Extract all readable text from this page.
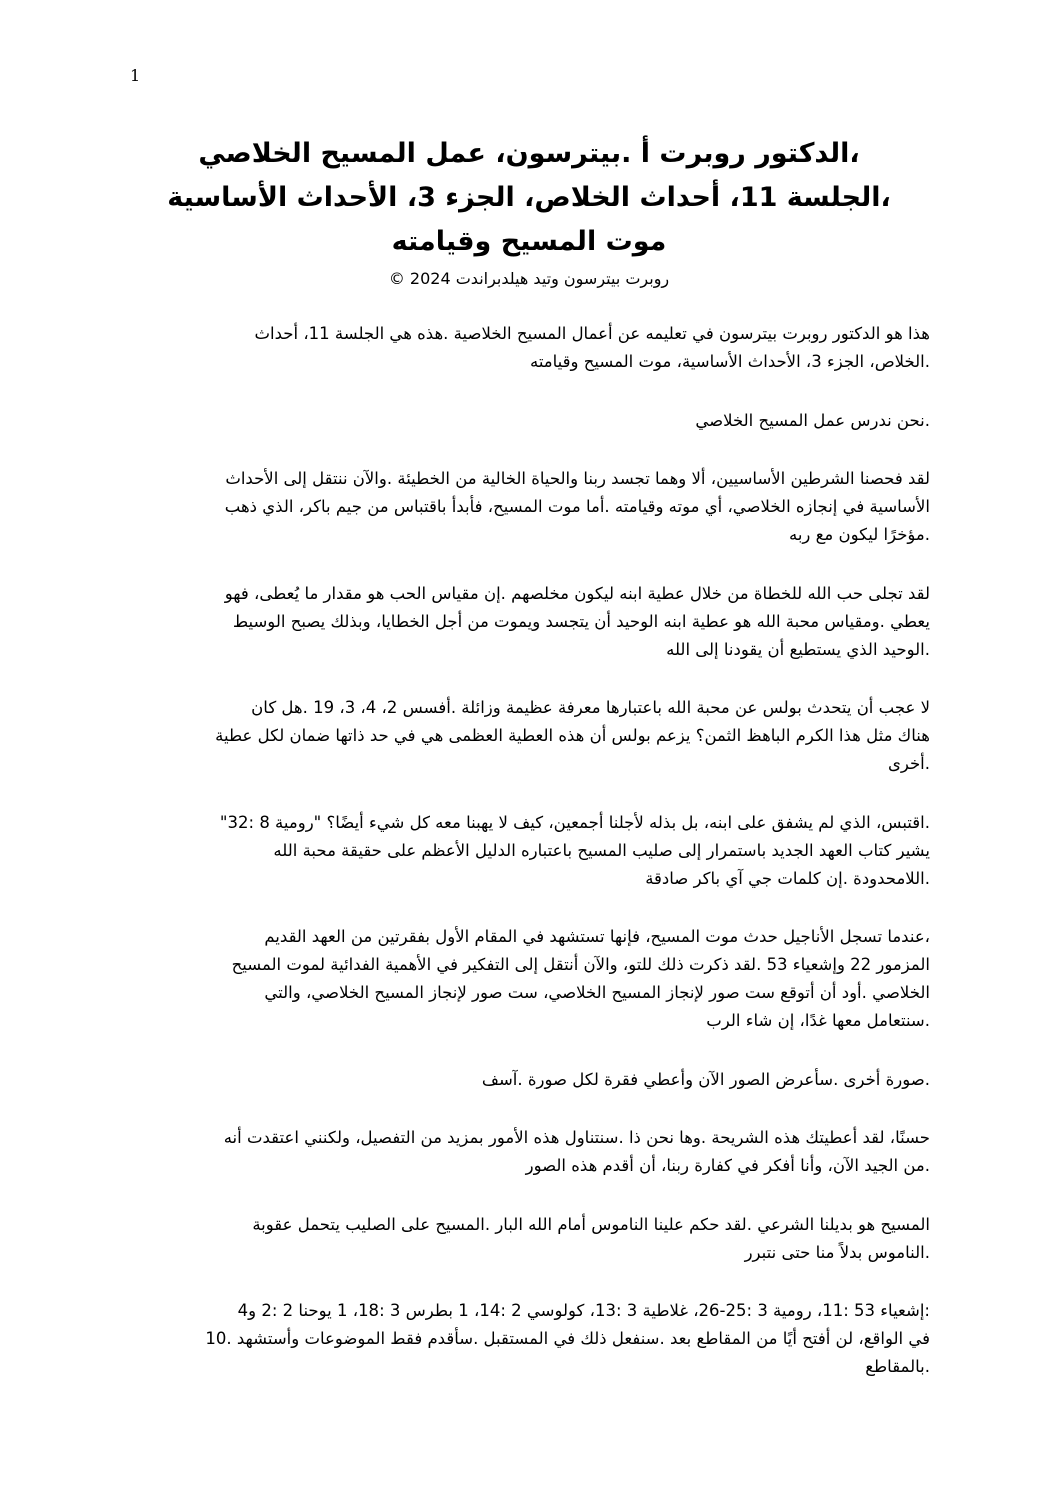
1
،الدكتور روبرت أ .بيترسون، عمل المسيح الخلاصي
،الجلسة 11، أحداث الخلاص، الجزء 3، الأحداث الأساسية
موت المسيح وقيامته
روبرت بيترسون وتيد هيلدبراندت 2024 ©
هذا هو الدكتور روبرت بيترسون في تعليمه عن أعمال المسيح الخلاصية .هذه هي الجلسة 11، أحداث
.الخلاص، الجزء 3، الأحداث الأساسية، موت المسيح وقيامته
.نحن ندرس عمل المسيح الخلاصي
لقد فحصنا الشرطين الأساسيين، ألا وهما تجسد ربنا والحياة الخالية من الخطيئة .والآن ننتقل إلى الأحداث
الأساسية في إنجازه الخلاصي، أي موته وقيامته .أما موت المسيح، فأبدأ باقتباس من جيم باكر، الذي ذهب
.مؤخرًا ليكون مع ربه
لقد تجلى حب الله للخطاة من خلال عطية ابنه ليكون مخلصهم .إن مقياس الحب هو مقدار ما يُعطى، فهو
يعطي .ومقياس محبة الله هو عطية ابنه الوحيد أن يتجسد ويموت من أجل الخطايا، وبذلك يصبح الوسيط
.الوحيد الذي يستطيع أن يقودنا إلى الله
لا عجب أن يتحدث بولس عن محبة الله باعتبارها معرفة عظيمة وزائلة .أفسس 2، 4، 3، 19 .هل كان
هناك مثل هذا الكرم الباهظ الثمن؟ يزعم بولس أن هذه العطية العظمى هي في حد ذاتها ضمان لكل عطية
.أخرى
.اقتبس، الذي لم يشفق على ابنه، بل بذله لأجلنا أجمعين، كيف لا يهبنا معه كل شيء أيضًا؟ "رومية 8 :32"
يشير كتاب العهد الجديد باستمرار إلى صليب المسيح باعتباره الدليل الأعظم على حقيقة محبة الله
.اللامحدودة .إن كلمات جي آي باكر صادقة
،عندما تسجل الأناجيل حدث موت المسيح، فإنها تستشهد في المقام الأول بفقرتين من العهد القديم
المزمور 22 وإشعياء 53 .لقد ذكرت ذلك للتو، والآن أنتقل إلى التفكير في الأهمية الفدائية لموت المسيح
الخلاصي .أود أن أتوقع ست صور لإنجاز المسيح الخلاصي، ست صور لإنجاز المسيح الخلاصي، والتي
.سنتعامل معها غدًا، إن شاء الرب
.صورة أخرى .سأعرض الصور الآن وأعطي فقرة لكل صورة .آسف
حسنًا، لقد أعطيتك هذه الشريحة .وها نحن ذا .سنتناول هذه الأمور بمزيد من التفصيل، ولكنني اعتقدت أنه
.من الجيد الآن، وأنا أفكر في كفارة ربنا، أن أقدم هذه الصور
المسيح هو بديلنا الشرعي .لقد حكم علينا الناموس أمام الله البار .المسيح على الصليب يتحمل عقوبة
.الناموس بدلاً منا حتى نتبرر
:إشعياء 53 :11، رومية 3 :25-26، غلاطية 3 :13، كولوسي 2 :14، 1 بطرس 3 :18، 1 يوحنا 2 :2 و4
في الواقع، لن أفتح أيًا من المقاطع بعد .سنفعل ذلك في المستقبل .سأقدم فقط الموضوعات وأستشهد .10
.بالمقاطع
